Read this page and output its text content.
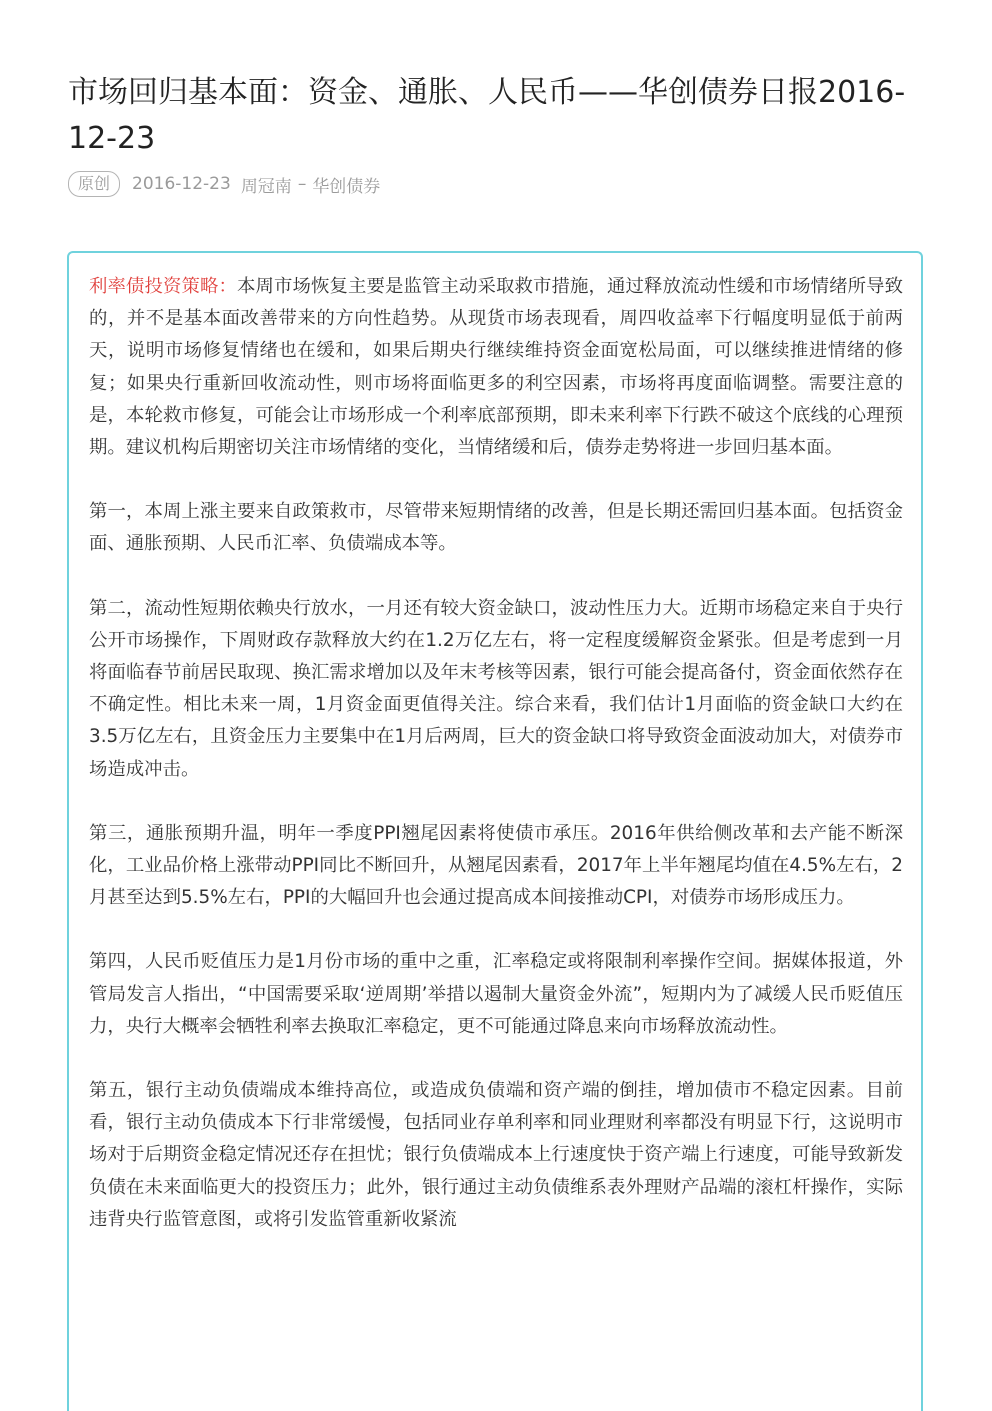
市场回归基本面：资金、通胀、人民币——华创债券日报2016-12-23
原创	2016-12-23 周冠南 – 华创债券

利率债投资策略：本周市场恢复主要是监管主动采取救市措施，通过释放流动性缓和市场情绪所导致的，并不是基本面改善带来的方向性趋势。从现货市场表现看，周四收益率下行幅度明显低于前两天，说明市场修复情绪也在缓和，如果后期央行继续维持资金面宽松局面，可以继续推进情绪的修复；如果央行重新回收流动性，则市场将面临更多的利空因素，市场将再度面临调整。需要注意的是，本轮救市修复，可能会让市场形成一个利率底部预期，即未来利率下行跌不破这个底线的心理预期。建议机构后期密切关注市场情绪的变化，当情绪缓和后，债券走势将进一步回归基本面。

第一，本周上涨主要来自政策救市，尽管带来短期情绪的改善，但是长期还需回归基本面。包括资金面、通胀预期、人民币汇率、负债端成本等。

第二，流动性短期依赖央行放水，一月还有较大资金缺口，波动性压力大。近期市场稳定来自于央行公开市场操作，下周财政存款释放大约在1.2万亿左右，将一定程度缓解资金紧张。但是考虑到一月将面临春节前居民取现、换汇需求增加以及年末考核等因素，银行可能会提高备付，资金面依然存在不确定性。相比未来一周，1月资金面更值得关注。综合来看，我们估计1月面临的资金缺口大约在3.5万亿左右，且资金压力主要集中在1月后两周，巨大的资金缺口将导致资金面波动加大，对债券市场造成冲击。

第三，通胀预期升温，明年一季度PPI翘尾因素将使债市承压。2016年供给侧改革和去产能不断深化，工业品价格上涨带动PPI同比不断回升，从翘尾因素看，2017年上半年翘尾均值在4.5%左右，2月甚至达到5.5%左右，PPI的大幅回升也会通过提高成本间接推动CPI，对债券市场形成压力。

第四，人民币贬值压力是1月份市场的重中之重，汇率稳定或将限制利率操作空间。据媒体报道，外管局发言人指出，“中国需要采取‘逆周期’举措以遏制大量资金外流”，短期内为了减缓人民币贬值压力，央行大概率会牺牲利率去换取汇率稳定，更不可能通过降息来向市场释放流动性。

第五，银行主动负债端成本维持高位，或造成负债端和资产端的倒挂，增加债市不稳定因素。目前看，银行主动负债成本下行非常缓慢，包括同业存单利率和同业理财利率都没有明显下行，这说明市场对于后期资金稳定情况还存在担忧；银行负债端成本上行速度快于资产端上行速度，可能导致新发负债在未来面临更大的投资压力；此外，银行通过主动负债维系表外理财产品端的滚杠杆操作，实际违背央行监管意图，或将引发监管重新收紧流
